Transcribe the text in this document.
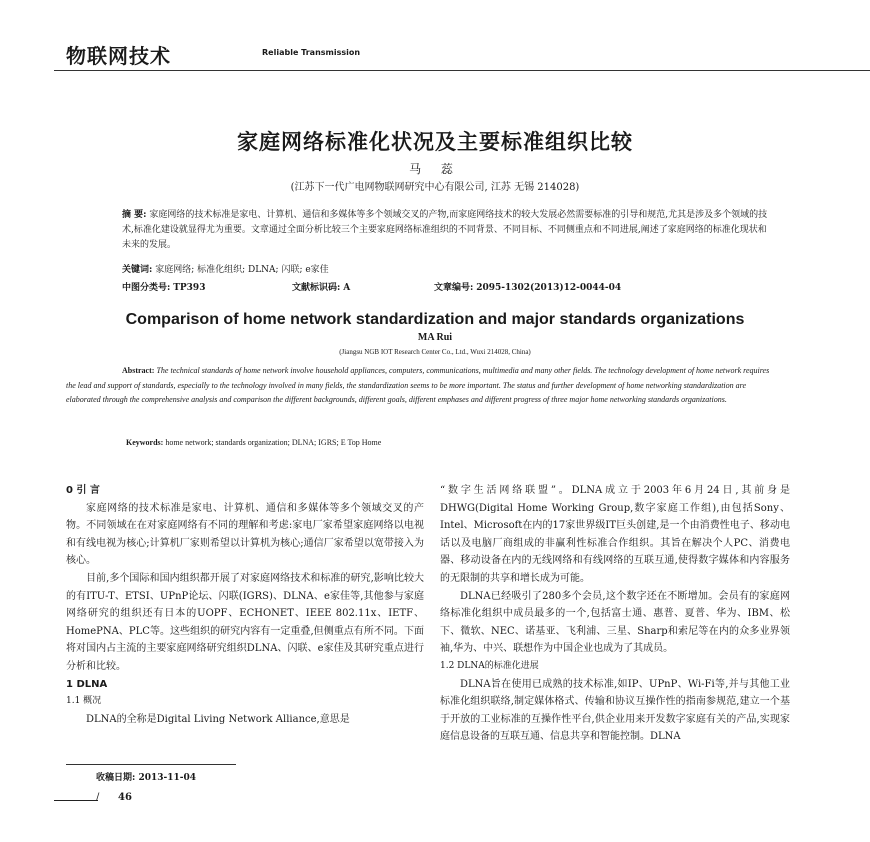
物联网技术	Reliable Transmission
家庭网络标准化状况及主要标准组织比较
马 蕊
(江苏下一代广电网物联网研究中心有限公司, 江苏 无锡 214028)
摘 要: 家庭网络的技术标准是家电、计算机、通信和多媒体等多个领域交叉的产物,而家庭网络技术的较大发展必然需要标准的引导和规范,尤其是涉及多个领域的技术,标准化建设就显得尤为重要。文章通过全面分析比较三个主要家庭网络标准组织的不同背景、不同目标、不同侧重点和不同进展,阐述了家庭网络的标准化现状和未来的发展。
关键词: 家庭网络; 标准化组织; DLNA; 闪联; e家佳
中图分类号: TP393	文献标识码: A	文章编号: 2095-1302(2013)12-0044-04
Comparison of home network standardization and major standards organizations
MA Rui
(Jiangsu NGB IOT Research Center Co., Ltd., Wuxi 214028, China)
Abstract: The technical standards of home network involve household appliances, computers, communications, multimedia and many other fields. The technology development of home network requires the lead and support of standards, especially to the technology involved in many fields, the standardization seems to be more important. The status and further development of home networking standardization are elaborated through the comprehensive analysis and comparison the different backgrounds, different goals, different emphases and different progress of three major home networking standards organizations.
Keywords: home network; standards organization; DLNA; IGRS; E Top Home

0 引 言

家庭网络的技术标准是家电、计算机、通信和多媒体等多个领域交叉的产物。不同领域在在对家庭网络有不同的理解和考虑:家电厂家希望家庭网络以电视和有线电视为核心;计算机厂家则希望以计算机为核心;通信厂家希望以宽带接入为核心。

目前,多个国际和国内组织都开展了对家庭网络技术和标准的研究,影响比较大的有ITU-T、ETSI、UPnP论坛、闪联(IGRS)、DLNA、e家佳等,其他参与家庭网络研究的组织还有日本的UOPF、ECHONET、IEEE 802.11x、IETF、HomePNA、PLC等。这些组织的研究内容有一定重叠,但侧重点有所不同。下面将对国内占主流的主要家庭网络研究组织DLNA、闪联、e家佳及其研究重点进行分析和比较。

1 DLNA

1.1 概况

DLNA的全称是Digital Living Network Alliance,意思是

“数字生活网络联盟”。DLNA成立于2003年6月24日,其前身是DHWG(Digital Home Working Group,数字家庭工作组),由包括Sony、Intel、Microsoft在内的17家世界级IT巨头创建,是一个由消费性电子、移动电话以及电脑厂商组成的非赢利性标准合作组织。其旨在解决个人PC、消费电器、移动设备在内的无线网络和有线网络的互联互通,使得数字媒体和内容服务的无限制的共享和增长成为可能。

DLNA已经吸引了280多个会员,这个数字还在不断增加。会员有的家庭网络标准化组织中成员最多的一个,包括富士通、惠普、夏普、华为、IBM、松下、微软、NEC、诺基亚、飞利浦、三星、Sharp和索尼等在内的众多业界领袖,华为、中兴、联想作为中国企业也成为了其成员。

1.2 DLNA的标准化进展

DLNA旨在使用已成熟的技术标准,如IP、UPnP、Wi-Fi等,并与其他工业标准化组织联络,制定媒体格式、传输和协议互操作性的指南参规范,建立一个基于开放的工业标准的互操作性平台,供企业用来开发数字家庭有关的产品,实现家庭信息设备的互联互通、信息共享和智能控制。DLNA

收稿日期: 2013-11-04
/ 46
